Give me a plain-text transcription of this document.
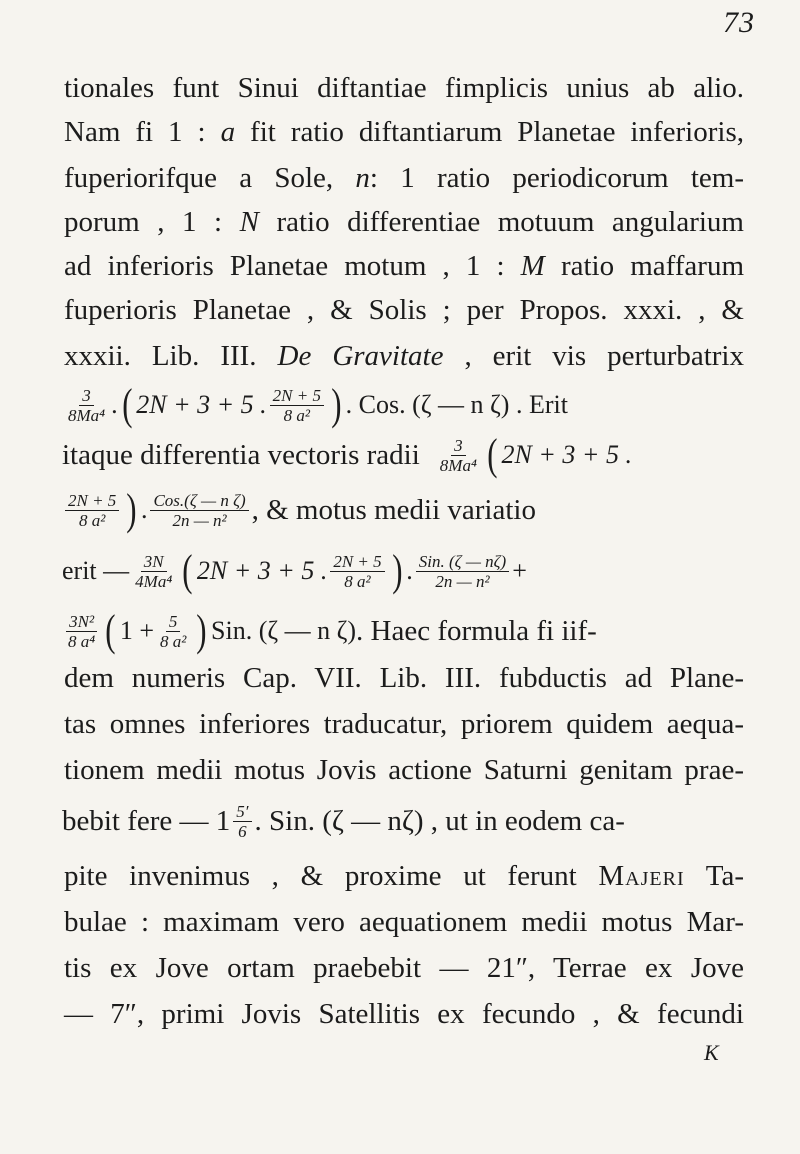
73
tionales funt Sinui diftantiae fimplicis unius ab alio.
Nam fi 1 : a fit ratio diftantiarum Planetae inferioris,
fuperiorifque a Sole, n: 1 ratio periodicorum tem-
porum , 1 : N ratio differentiae motuum angularium
ad inferioris Planetae motum , 1 : M ratio maffarum
fuperioris Planetae , & Solis ; per Propos. xxxi. , &
xxxii. Lib. III. De Gravitate , erit vis perturbatrix
$\frac{3}{\text{8Ma⁴}}$ . ( 2N + 3 + 5 . $\frac{2N + 5}{\text{8 a²}}$ ) . Cos. (ζ — n ζ) . Erit
itaque differentia vectoris radii $\frac{3}{\text{8Ma⁴}}$ ( 2N + 3 + 5 .
$\frac{2N + 5}{\text{8 a²}}$ ) . $\frac{\text{Cos.(ζ — n ζ)}}{\text{2n — n²}}$ , & motus medii variatio
erit — $\frac{3N}{\text{4Ma⁴}}$ ( 2N + 3 + 5 . $\frac{2N + 5}{\text{8 a²}}$ ) . $\frac{\text{Sin. (ζ — nζ)}}{\text{2n — n²}}$ +
$\frac{\text{3N²}}{\text{8 a⁴}}$ ( $1 + \frac{5}{\text{8 a²}}$ ) Sin. (ζ — n ζ) . Haec formula fi iif-
dem numeris Cap. VII. Lib. III. fubductis ad Plane-
tas omnes inferiores traducatur, priorem quidem aequa-
tionem medii motus Jovis actione Saturni genitam prae-
bebit fere — $1 \frac{5'}{6}$ . Sin. (ζ — nζ) , ut in eodem ca-
pite invenimus , & proxime ut ferunt Majeri Ta-
bulae : maximam vero aequationem medii motus Mar-
tis ex Jove ortam praebebit — 21″, Terrae ex Jove
— 7″, primi Jovis Satellitis ex fecundo , & fecundi
K
